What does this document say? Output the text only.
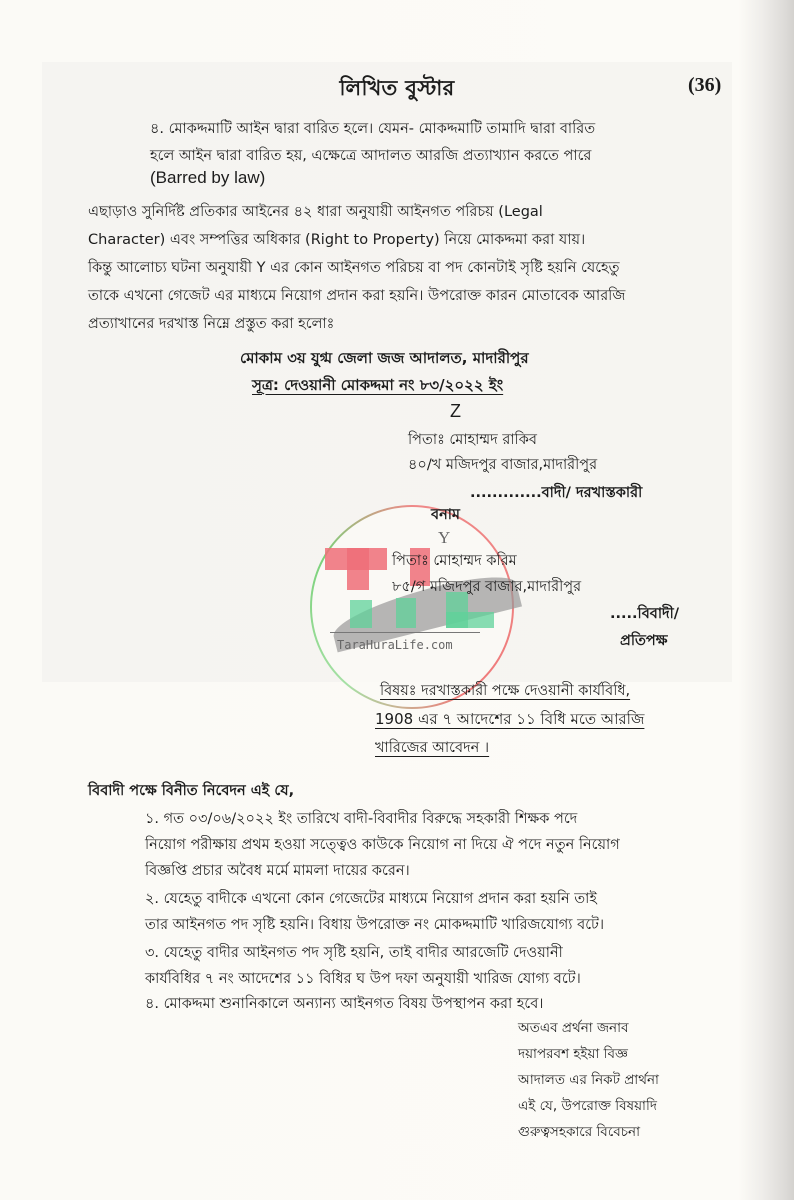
লিখিত বুস্টার	(36)
৪. মোকদ্দমাটি আইন দ্বারা বারিত হলে। যেমন- মোকদ্দমাটি তামাদি দ্বারা বারিত
হলে আইন দ্বারা বারিত হয়, এক্ষেত্রে আদালত আরজি প্রত্যাখ্যান করতে পারে
(Barred by law)
এছাড়াও সুনির্দিষ্ট প্রতিকার আইনের ৪২ ধারা অনুযায়ী আইনগত পরিচয় (Legal
Character) এবং সম্পত্তির অধিকার (Right to Property) নিয়ে মোকদ্দমা করা যায়।
কিন্তু আলোচ্য ঘটনা অনুযায়ী Y এর কোন আইনগত পরিচয় বা পদ কোনটাই সৃষ্টি হয়নি যেহেতু
তাকে এখনো গেজেট এর মাধ্যমে নিয়োগ প্রদান করা হয়নি। উপরোক্ত কারন মোতাবেক আরজি
প্রত্যাখানের দরখাস্ত নিম্নে প্রস্তুত করা হলোঃ
মোকাম ৩য় যুগ্ম জেলা জজ আদালত, মাদারীপুর
সূত্র: দেওয়ানী মোকদ্দমা নং ৮৩/২০২২ ইং
Z
পিতাঃ মোহাম্মদ রাকিব
৪০/খ মজিদপুর বাজার,মাদারীপুর
.............বাদী/ দরখাস্তকারী
TaraHuraLife.com
বনাম
Y
পিতাঃ মোহাম্মদ করিম
৮৫/গ মজিদপুর বাজার,মাদারীপুর
.....বিবাদী/
প্রতিপক্ষ
বিষয়ঃ দরখাস্তকারী পক্ষে দেওয়ানী কার্যবিধি,
1908 এর ৭ আদেশের ১১ বিধি মতে আরজি
খারিজের আবেদন ।
বিবাদী পক্ষে বিনীত নিবেদন এই যে,
১. গত ০৩/০৬/২০২২ ইং তারিখে বাদী-বিবাদীর বিরুদ্ধে সহকারী শিক্ষক পদে
নিয়োগ পরীক্ষায় প্রথম হওয়া সত্ত্বেও কাউকে নিয়োগ না দিয়ে ঐ পদে নতুন নিয়োগ
বিজ্ঞপ্তি প্রচার অবৈধ মর্মে মামলা দায়ের করেন।
২. যেহেতু বাদীকে এখনো কোন গেজেটের মাধ্যমে নিয়োগ প্রদান করা হয়নি তাই
তার আইনগত পদ সৃষ্টি হয়নি। বিধায় উপরোক্ত নং মোকদ্দমাটি খারিজযোগ্য বটে।
৩. যেহেতু বাদীর আইনগত পদ সৃষ্টি হয়নি, তাই বাদীর আরজেটি দেওয়ানী
কার্যবিধির ৭ নং আদেশের ১১ বিধির ঘ উপ দফা অনুযায়ী খারিজ যোগ্য বটে।
৪. মোকদ্দমা শুনানিকালে অন্যান্য আইনগত বিষয় উপস্থাপন করা হবে।
অতএব প্রর্থনা জনাব
দয়াপরবশ হইয়া বিজ্ঞ
আদালত এর নিকট প্রার্থনা
এই যে, উপরোক্ত বিষয়াদি
গুরুত্বসহকারে বিবেচনা
